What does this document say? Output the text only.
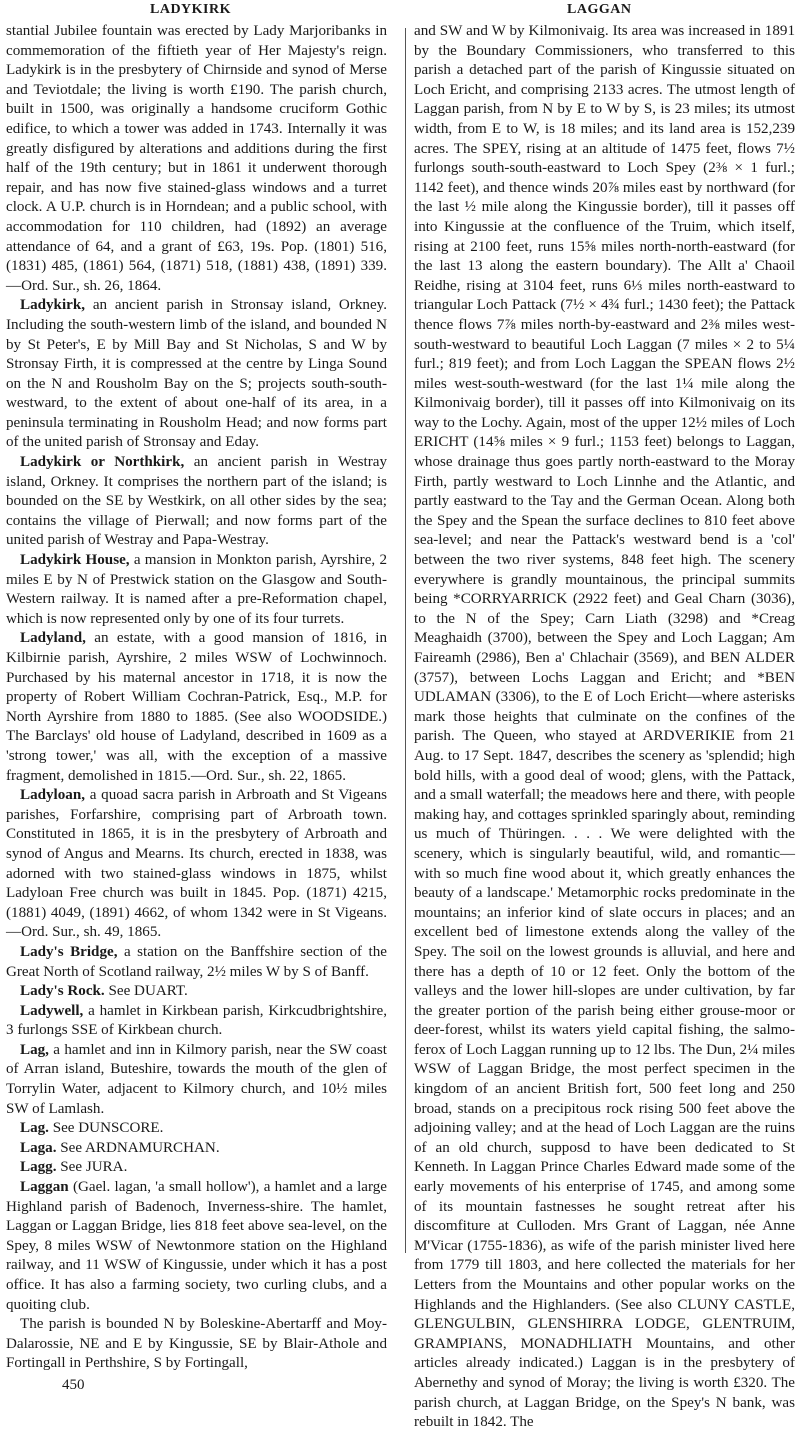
LADYKIRK	LAGGAN

stantial Jubilee fountain was erected by Lady Marjoribanks in commemoration of the fiftieth year of Her Majesty's reign. Ladykirk is in the presbytery of Chirnside and synod of Merse and Teviotdale; the living is worth £190. The parish church, built in 1500, was originally a handsome cruciform Gothic edifice, to which a tower was added in 1743. Internally it was greatly disfigured by alterations and additions during the first half of the 19th century; but in 1861 it underwent thorough repair, and has now five stained-glass windows and a turret clock. A U.P. church is in Horndean; and a public school, with accommodation for 110 children, had (1892) an average attendance of 64, and a grant of £63, 19s. Pop. (1801) 516, (1831) 485, (1861) 564, (1871) 518, (1881) 438, (1891) 339.—Ord. Sur., sh. 26, 1864.

Ladykirk, an ancient parish in Stronsay island, Orkney. Including the south-western limb of the island, and bounded N by St Peter's, E by Mill Bay and St Nicholas, S and W by Stronsay Firth, it is compressed at the centre by Linga Sound on the N and Rousholm Bay on the S; projects south-south-westward, to the extent of about one-half of its area, in a peninsula terminating in Rousholm Head; and now forms part of the united parish of Stronsay and Eday.

Ladykirk or Northkirk, an ancient parish in Westray island, Orkney. It comprises the northern part of the island; is bounded on the SE by Westkirk, on all other sides by the sea; contains the village of Pierwall; and now forms part of the united parish of Westray and Papa-Westray.

Ladykirk House, a mansion in Monkton parish, Ayrshire, 2 miles E by N of Prestwick station on the Glasgow and South-Western railway. It is named after a pre-Reformation chapel, which is now represented only by one of its four turrets.

Ladyland, an estate, with a good mansion of 1816, in Kilbirnie parish, Ayrshire, 2 miles WSW of Lochwinnoch. Purchased by his maternal ancestor in 1718, it is now the property of Robert William Cochran-Patrick, Esq., M.P. for North Ayrshire from 1880 to 1885. (See also WOODSIDE.) The Barclays' old house of Ladyland, described in 1609 as a 'strong tower,' was all, with the exception of a massive fragment, demolished in 1815.—Ord. Sur., sh. 22, 1865.

Ladyloan, a quoad sacra parish in Arbroath and St Vigeans parishes, Forfarshire, comprising part of Arbroath town. Constituted in 1865, it is in the presbytery of Arbroath and synod of Angus and Mearns. Its church, erected in 1838, was adorned with two stained-glass windows in 1875, whilst Ladyloan Free church was built in 1845. Pop. (1871) 4215, (1881) 4049, (1891) 4662, of whom 1342 were in St Vigeans.—Ord. Sur., sh. 49, 1865.

Lady's Bridge, a station on the Banffshire section of the Great North of Scotland railway, 2½ miles W by S of Banff.

Lady's Rock. See DUART.

Ladywell, a hamlet in Kirkbean parish, Kirkcudbrightshire, 3 furlongs SSE of Kirkbean church.

Lag, a hamlet and inn in Kilmory parish, near the SW coast of Arran island, Buteshire, towards the mouth of the glen of Torrylin Water, adjacent to Kilmory church, and 10½ miles SW of Lamlash.

Lag. See DUNSCORE.

Laga. See ARDNAMURCHAN.

Lagg. See JURA.

Laggan (Gael. lagan, 'a small hollow'), a hamlet and a large Highland parish of Badenoch, Inverness-shire. The hamlet, Laggan or Laggan Bridge, lies 818 feet above sea-level, on the Spey, 8 miles WSW of Newtonmore station on the Highland railway, and 11 WSW of Kingussie, under which it has a post office. It has also a farming society, two curling clubs, and a quoiting club.

The parish is bounded N by Boleskine-Abertarff and Moy-Dalarossie, NE and E by Kingussie, SE by Blair-Athole and Fortingall in Perthshire, S by Fortingall,

450

and SW and W by Kilmonivaig. Its area was increased in 1891 by the Boundary Commissioners, who transferred to this parish a detached part of the parish of Kingussie situated on Loch Ericht, and comprising 2133 acres. The utmost length of Laggan parish, from N by E to W by S, is 23 miles; its utmost width, from E to W, is 18 miles; and its land area is 152,239 acres. The SPEY, rising at an altitude of 1475 feet, flows 7½ furlongs south-south-eastward to Loch Spey (2⅜ × 1 furl.; 1142 feet), and thence winds 20⅞ miles east by northward (for the last ½ mile along the Kingussie border), till it passes off into Kingussie at the confluence of the Truim, which itself, rising at 2100 feet, runs 15⅝ miles north-north-eastward (for the last 13 along the eastern boundary). The Allt a' Chaoil Reidhe, rising at 3104 feet, runs 6⅓ miles north-eastward to triangular Loch Pattack (7½ × 4¾ furl.; 1430 feet); the Pattack thence flows 7⅞ miles north-by-eastward and 2⅜ miles west-south-westward to beautiful Loch Laggan (7 miles × 2 to 5¼ furl.; 819 feet); and from Loch Laggan the SPEAN flows 2½ miles west-south-westward (for the last 1¼ mile along the Kilmonivaig border), till it passes off into Kilmonivaig on its way to the Lochy. Again, most of the upper 12½ miles of Loch ERICHT (14⅝ miles × 9 furl.; 1153 feet) belongs to Laggan, whose drainage thus goes partly north-eastward to the Moray Firth, partly westward to Loch Linnhe and the Atlantic, and partly eastward to the Tay and the German Ocean. Along both the Spey and the Spean the surface declines to 810 feet above sea-level; and near the Pattack's westward bend is a 'col' between the two river systems, 848 feet high. The scenery everywhere is grandly mountainous, the principal summits being *CORRYARRICK (2922 feet) and Geal Charn (3036), to the N of the Spey; Carn Liath (3298) and *Creag Meaghaidh (3700), between the Spey and Loch Laggan; Am Faireamh (2986), Ben a' Chlachair (3569), and BEN ALDER (3757), between Lochs Laggan and Ericht; and *BEN UDLAMAN (3306), to the E of Loch Ericht—where asterisks mark those heights that culminate on the confines of the parish. The Queen, who stayed at ARDVERIKIE from 21 Aug. to 17 Sept. 1847, describes the scenery as 'splendid; high bold hills, with a good deal of wood; glens, with the Pattack, and a small waterfall; the meadows here and there, with people making hay, and cottages sprinkled sparingly about, reminding us much of Thüringen. . . . We were delighted with the scenery, which is singularly beautiful, wild, and romantic—with so much fine wood about it, which greatly enhances the beauty of a landscape.' Metamorphic rocks predominate in the mountains; an inferior kind of slate occurs in places; and an excellent bed of limestone extends along the valley of the Spey. The soil on the lowest grounds is alluvial, and here and there has a depth of 10 or 12 feet. Only the bottom of the valleys and the lower hill-slopes are under cultivation, by far the greater portion of the parish being either grouse-moor or deer-forest, whilst its waters yield capital fishing, the salmo-ferox of Loch Laggan running up to 12 lbs. The Dun, 2¼ miles WSW of Laggan Bridge, the most perfect specimen in the kingdom of an ancient British fort, 500 feet long and 250 broad, stands on a precipitous rock rising 500 feet above the adjoining valley; and at the head of Loch Laggan are the ruins of an old church, supposd to have been dedicated to St Kenneth. In Laggan Prince Charles Edward made some of the early movements of his enterprise of 1745, and among some of its mountain fastnesses he sought retreat after his discomfiture at Culloden. Mrs Grant of Laggan, née Anne M'Vicar (1755-1836), as wife of the parish minister lived here from 1779 till 1803, and here collected the materials for her Letters from the Mountains and other popular works on the Highlands and the Highlanders. (See also CLUNY CASTLE, GLENGULBIN, GLENSHIRRA LODGE, GLENTRUIM, GRAMPIANS, MONADHLIATH Mountains, and other articles already indicated.) Laggan is in the presbytery of Abernethy and synod of Moray; the living is worth £320. The parish church, at Laggan Bridge, on the Spey's N bank, was rebuilt in 1842. The
